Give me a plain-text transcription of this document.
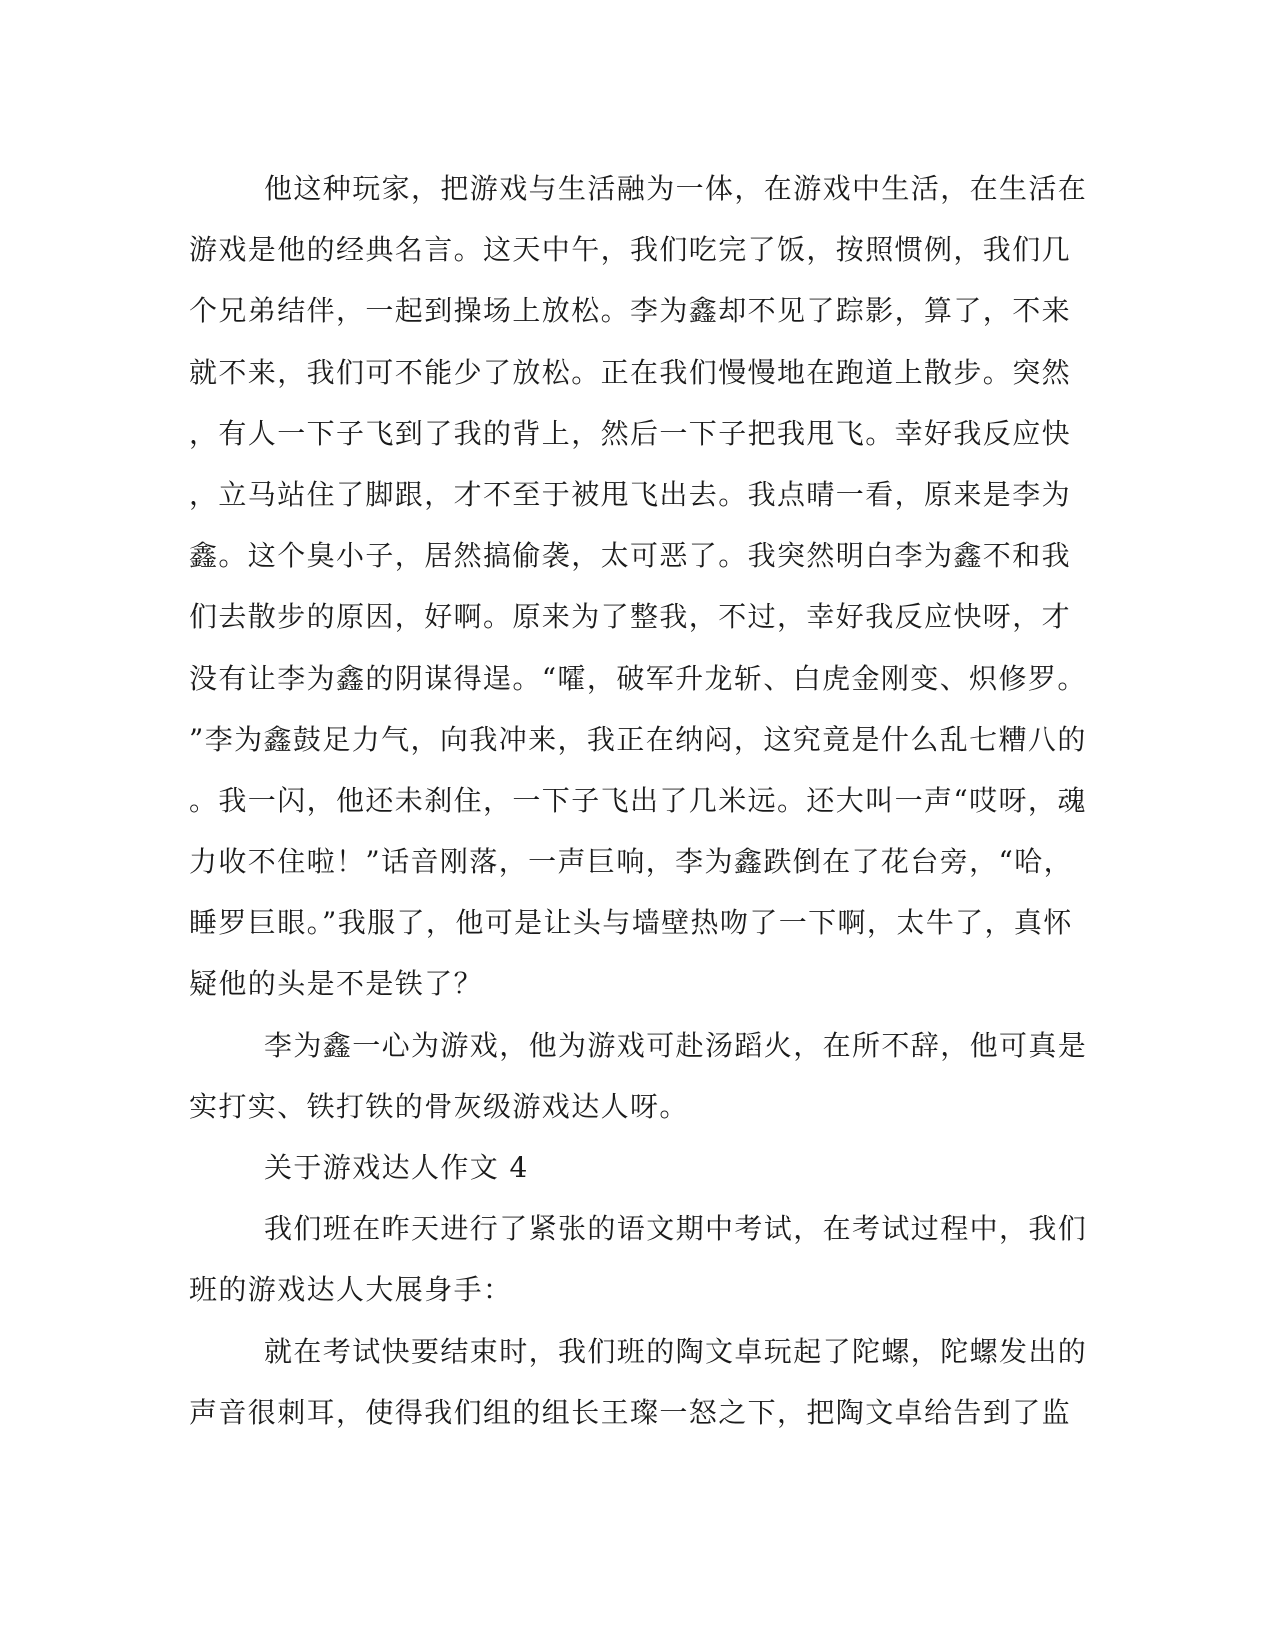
他这种玩家，把游戏与生活融为一体，在游戏中生活，在生活在
游戏是他的经典名言。这天中午，我们吃完了饭，按照惯例，我们几
个兄弟结伴，一起到操场上放松。李为鑫却不见了踪影，算了，不来
就不来，我们可不能少了放松。正在我们慢慢地在跑道上散步。突然
，有人一下子飞到了我的背上，然后一下子把我甩飞。幸好我反应快
，立马站住了脚跟，才不至于被甩飞出去。我点晴一看，原来是李为
鑫。这个臭小子，居然搞偷袭，太可恶了。我突然明白李为鑫不和我
们去散步的原因，好啊。原来为了整我，不过，幸好我反应快呀，才
没有让李为鑫的阴谋得逞。“嚯，破军升龙斩、白虎金刚变、炽修罗。
”李为鑫鼓足力气，向我冲来，我正在纳闷，这究竟是什么乱七糟八的
。我一闪，他还未刹住，一下子飞出了几米远。还大叫一声“哎呀，魂
力收不住啦！”话音刚落，一声巨响，李为鑫跌倒在了花台旁，“哈，
睡罗巨眼。”我服了，他可是让头与墙壁热吻了一下啊，太牛了，真怀
疑他的头是不是铁了？
李为鑫一心为游戏，他为游戏可赴汤蹈火，在所不辞，他可真是
实打实、铁打铁的骨灰级游戏达人呀。
关于游戏达人作文 4
我们班在昨天进行了紧张的语文期中考试，在考试过程中，我们
班的游戏达人大展身手：
就在考试快要结束时，我们班的陶文卓玩起了陀螺，陀螺发出的
声音很刺耳，使得我们组的组长王璨一怒之下，把陶文卓给告到了监
